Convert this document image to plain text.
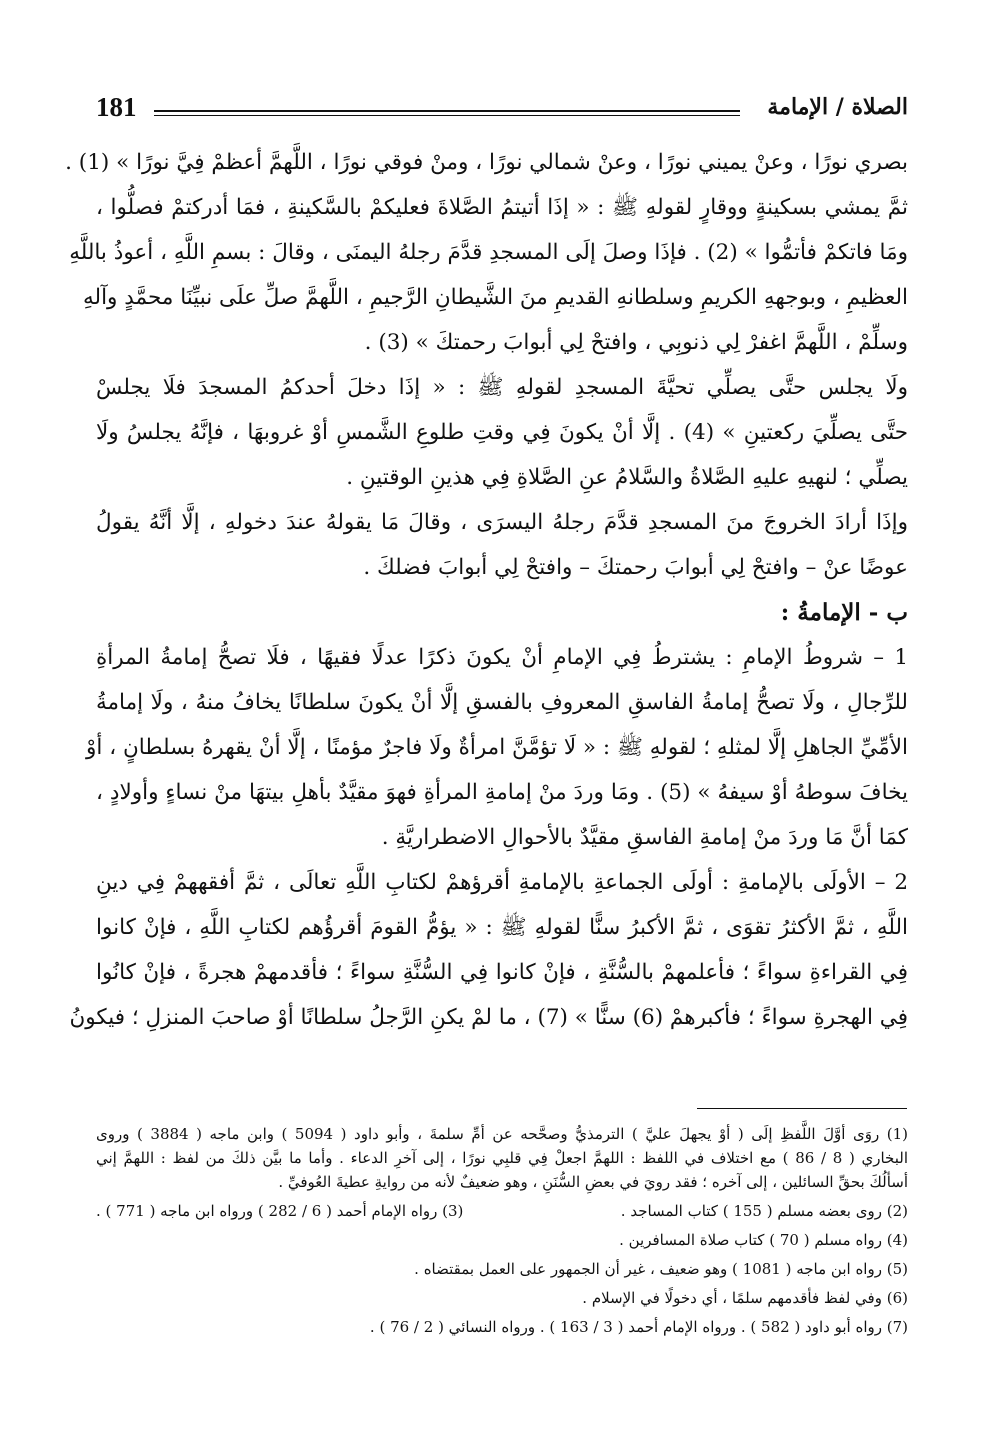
181	الصلاة / الإمامة
بصري نورًا ، وعنْ يميني نورًا ، وعنْ شمالي نورًا ، ومنْ فوقي نورًا ، اللَّهمَّ أعظمْ فِيَّ نورًا » (1) .
ثمَّ يمشي بسكينةٍ ووقارٍ لقولهِ ﷺ : « إذَا أتيتمُ الصَّلاةَ فعليكمْ بالسَّكينةِ ، فمَا أدركتمْ فصلُّوا ،
ومَا فاتكمْ فأتمُّوا » (2) . فإذَا وصلَ إلَى المسجدِ قدَّمَ رجلهُ اليمنَى ، وقالَ : بسمِ اللَّهِ ، أعوذُ باللَّهِ
العظيمِ ، وبوجههِ الكريمِ وسلطانهِ القديمِ منَ الشَّيطانِ الرَّجيمِ ، اللَّهمَّ صلِّ علَى نبيِّنَا محمَّدٍ وآلهِ
وسلِّمْ ، اللَّهمَّ اغفرْ لِي ذنوبِي ، وافتحْ لِي أبوابَ رحمتكَ » (3) .
ولَا يجلس حتَّى يصلِّي تحيَّةَ المسجدِ لقولهِ ﷺ : « إذَا دخلَ أحدكمُ المسجدَ فلَا يجلسْ
حتَّى يصلِّيَ ركعتينِ » (4) . إلَّا أنْ يكونَ فِي وقتِ طلوعِ الشَّمسِ أوْ غروبهَا ، فإنَّهُ يجلسُ ولَا
يصلِّي ؛ لنهيهِ عليهِ الصَّلاةُ والسَّلامُ عنِ الصَّلاةِ فِي هذينِ الوقتينِ .
وإذَا أرادَ الخروجَ منَ المسجدِ قدَّمَ رجلهُ اليسرَى ، وقالَ مَا يقولهُ عندَ دخولهِ ، إلَّا أنَّهُ يقولُ
عوضًا عنْ – وافتحْ لِي أبوابَ رحمتكَ – وافتحْ لِي أبوابَ فضلكَ .
ب - الإمامةُ :
1 – شروطُ الإمامِ : يشترطُ فِي الإمامِ أنْ يكونَ ذكرًا عدلًا فقيهًا ، فلَا تصحُّ إمامةُ المرأةِ
للرِّجالِ ، ولَا تصحُّ إمامةُ الفاسقِ المعروفِ بالفسقِ إلَّا أنْ يكونَ سلطانًا يخافُ منهُ ، ولَا إمامةُ
الأمِّيِّ الجاهلِ إلَّا لمثلهِ ؛ لقولهِ ﷺ : « لَا تؤمَّنَّ امرأةٌ ولَا فاجرٌ مؤمنًا ، إلَّا أنْ يقهرهُ بسلطانٍ ، أوْ
يخافَ سوطهُ أوْ سيفهُ » (5) . ومَا وردَ منْ إمامةِ المرأةِ فهوَ مقيَّدٌ بأهلِ بيتهَا منْ نساءٍ وأولادٍ ،
كمَا أنَّ مَا وردَ منْ إمامةِ الفاسقِ مقيَّدٌ بالأحوالِ الاضطراريَّةِ .
2 – الأولَى بالإمامةِ : أولَى الجماعةِ بالإمامةِ أقرؤهمْ لكتابِ اللَّهِ تعالَى ، ثمَّ أفقههمْ فِي دينِ
اللَّهِ ، ثمَّ الأكثرُ تقوَى ، ثمَّ الأكبرُ سنًّا لقولهِ ﷺ : « يؤمُّ القومَ أقرؤُهم لكتابِ اللَّهِ ، فإنْ كانوا
فِي القراءةِ سواءً ؛ فأعلمهمْ بالسُّنَّةِ ، فإنْ كانوا فِي السُّنَّةِ سواءً ؛ فأقدمهمْ هجرةً ، فإنْ كانُوا
فِي الهجرةِ سواءً ؛ فأكبرهمْ (6) سنًّا » (7) ، ما لمْ يكنِ الرَّجلُ سلطانًا أوْ صاحبَ المنزلِ ؛ فيكونُ
(1) روَى أوَّلَ اللَّفظِ إلَى ( أوْ يجهلَ عليَّ ) الترمذيُّ وصحَّحه عن أمِّ سلمةَ ، وأبو داود ( 5094 ) وابن ماجه ( 3884 ) وروى
البخاري ( 8 / 86 ) مع اختلاف في اللفظ : اللهمَّ اجعلْ فِي قلبِي نورًا ، إلى آخرِ الدعاء . وأما ما بيَّن ذلكَ من لفظ : اللهمَّ إني
أسألُكَ بحقِّ السائلين ، إلى آخره ؛ فقد رويَ في بعضِ السُّنَنِ ، وهو ضعيفٌ لأنه من روايةِ عطيةَ العُوفيِّ .
(2) روى بعضه مسلم ( 155 ) كتاب المساجد .
(3) رواه الإمام أحمد ( 6 / 282 ) ورواه ابن ماجه ( 771 ) .
(4) رواه مسلم ( 70 ) كتاب صلاة المسافرين .
(5) رواه ابن ماجه ( 1081 ) وهو ضعيف ، غير أن الجمهور على العمل بمقتضاه .
(6) وفي لفظ فأقدمهم سلمًا ، أي دخولًا في الإسلام .
(7) رواه أبو داود ( 582 ) . ورواه الإمام أحمد ( 3 / 163 ) . ورواه النسائي ( 2 / 76 ) .
